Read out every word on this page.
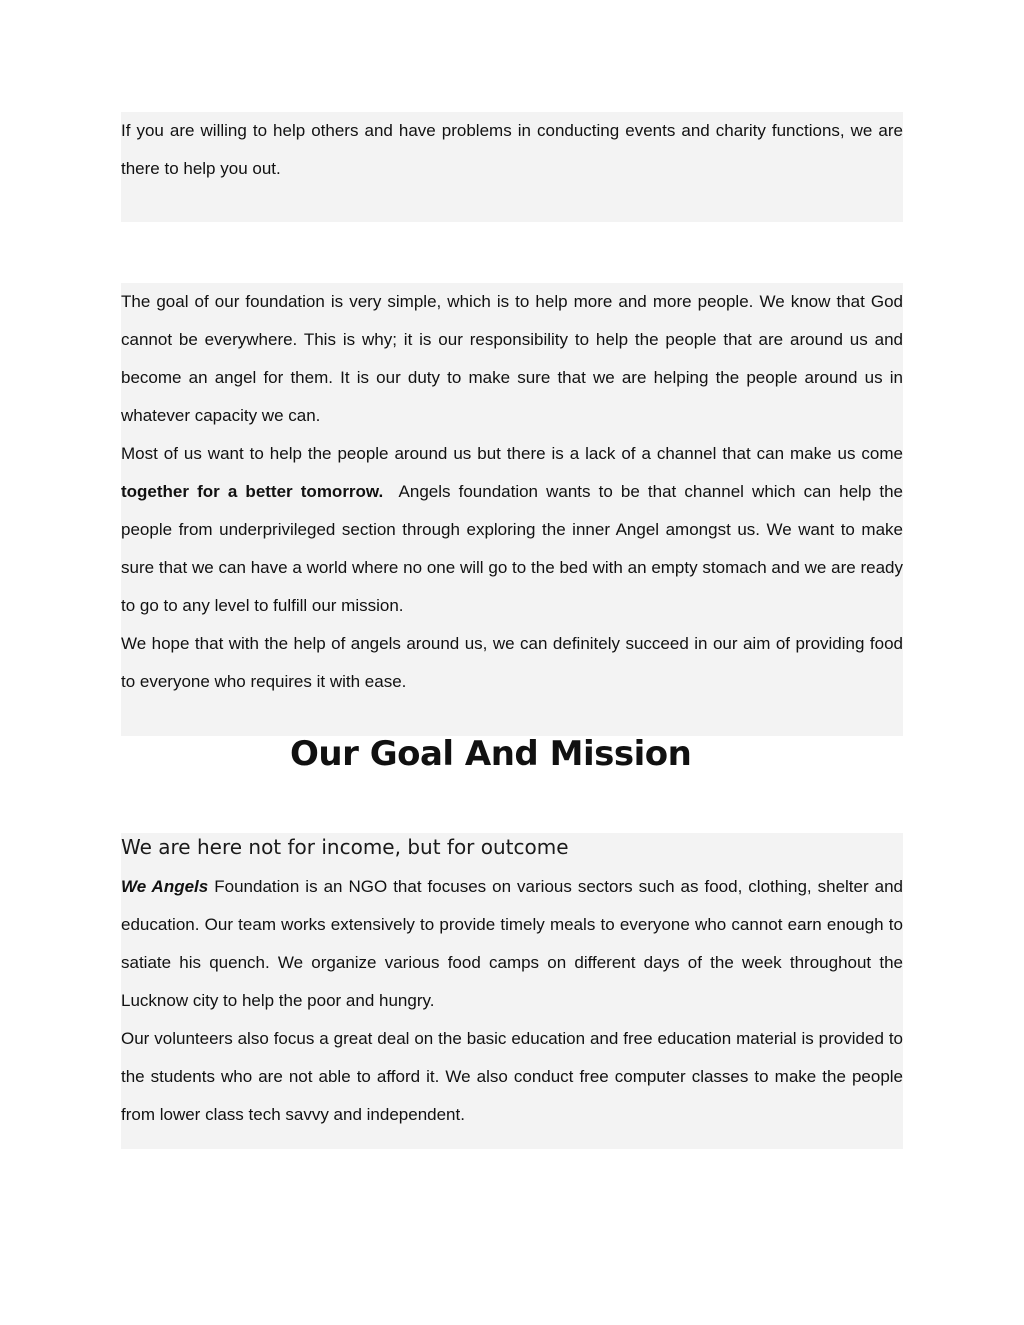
If you are willing to help others and have problems in conducting events and charity functions, we are there to help you out.

The goal of our foundation is very simple, which is to help more and more people. We know that God cannot be everywhere. This is why; it is our responsibility to help the people that are around us and become an angel for them. It is our duty to make sure that we are helping the people around us in whatever capacity we can.

Most of us want to help the people around us but there is a lack of a channel that can make us come together for a better tomorrow.  Angels foundation wants to be that channel which can help the people from underprivileged section through exploring the inner Angel amongst us. We want to make sure that we can have a world where no one will go to the bed with an empty stomach and we are ready to go to any level to fulfill our mission.

We hope that with the help of angels around us, we can definitely succeed in our aim of providing food to everyone who requires it with ease.

Our Goal And Mission

We are here not for income, but for outcome

We Angels Foundation is an NGO that focuses on various sectors such as food, clothing, shelter and education. Our team works extensively to provide timely meals to everyone who cannot earn enough to satiate his quench. We organize various food camps on different days of the week throughout the Lucknow city to help the poor and hungry.

Our volunteers also focus a great deal on the basic education and free education material is provided to the students who are not able to afford it. We also conduct free computer classes to make the people from lower class tech savvy and independent.
